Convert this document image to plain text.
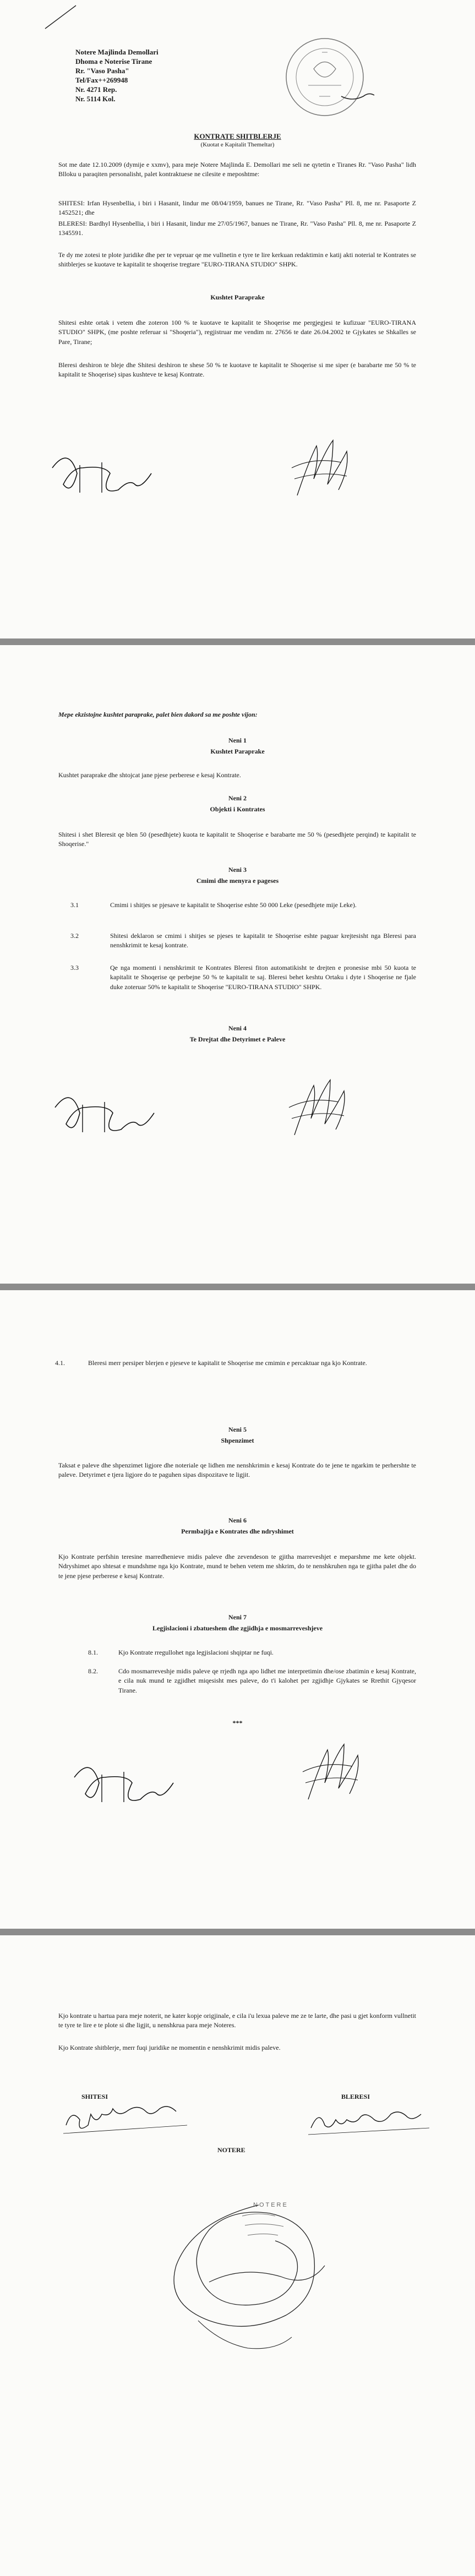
Notere Majlinda Demollari
Dhoma e Noterise Tirane
Rr. "Vaso Pasha"
Tel/Fax++269948
Nr. 4271 Rep.
Nr. 5114 Kol.
KONTRATE SHITBLERJE
(Kuotat e Kapitalit Themeltar)
Sot me date 12.10.2009 (dymije e xxmv), para meje Notere Majlinda E. Demollari me seli ne qytetin e Tiranes Rr. "Vaso Pasha" lidh Blloku u paraqiten personalisht, palet kontraktuese ne cilesite e meposhtme:
SHITESI: Irfan Hysenbellia, i biri i Hasanit, lindur me 08/04/1959, banues ne Tirane, Rr. "Vaso Pasha" Pll. 8, me nr. Pasaporte Z 1452521; dhe
BLERESI: Bardhyl Hysenbellia, i biri i Hasanit, lindur me 27/05/1967, banues ne Tirane, Rr. "Vaso Pasha" Pll. 8, me nr. Pasaporte Z 1345591.
Te dy me zotesi te plote juridike dhe per te vepruar qe me vullnetin e tyre te lire kerkuan redaktimin e katij akti noterial te Kontrates se shitblerjes se kuotave te kapitalit te shoqerise tregtare "EURO-TIRANA STUDIO" SHPK.
Kushtet Paraprake
Shitesi eshte ortak i vetem dhe zoteron 100 % te kuotave te kapitalit te Shoqerise me pergjegjesi te kufizuar "EURO-TIRANA STUDIO" SHPK, (me poshte referuar si "Shoqeria"), regjistruar me vendim nr. 27656 te date 26.04.2002 te Gjykates se Shkalles se Pare, Tirane;
Bleresi deshiron te bleje dhe Shitesi deshiron te shese 50 % te kuotave te kapitalit te Shoqerise si me siper (e barabarte me 50 % te kapitalit te Shoqerise) sipas kushteve te kesaj Kontrate.
Mepe ekzistojne kushtet paraprake, palet bien dakord sa me poshte vijon:
Neni 1
Kushtet Paraprake
Kushtet paraprake dhe shtojcat jane pjese perberese e kesaj Kontrate.
Neni 2
Objekti i Kontrates
Shitesi i shet Bleresit qe blen 50 (pesedhjete) kuota te kapitalit te Shoqerise e barabarte me 50 % (pesedhjete perqind) te kapitalit te Shoqerise."
Neni 3
Cmimi dhe menyra e pageses
3.1	Cmimi i shitjes se pjesave te kapitalit te Shoqerise eshte 50 000 Leke (pesedhjete mije Leke).
3.2	Shitesi deklaron se cmimi i shitjes se pjeses te kapitalit te Shoqerise eshte paguar krejtesisht nga Bleresi para nenshkrimit te kesaj kontrate.
3.3	Qe nga momenti i nenshkrimit te Kontrates Bleresi fiton automatikisht te drejten e pronesise mbi 50 kuota te kapitalit te Shoqerise qe perbejne 50 % te kapitalit te saj. Bleresi behet keshtu Ortaku i dyte i Shoqerise ne fjale duke zoteruar 50% te kapitalit te Shoqerise "EURO-TIRANA STUDIO" SHPK.
Neni 4
Te Drejtat dhe Detyrimet e Paleve
4.1.	Bleresi merr persiper blerjen e pjeseve te kapitalit te Shoqerise me cmimin e percaktuar nga kjo Kontrate.
Neni 5
Shpenzimet
Taksat e paleve dhe shpenzimet ligjore dhe noteriale qe lidhen me nenshkrimin e kesaj Kontrate do te jene te ngarkim te perhershte te paleve. Detyrimet e tjera ligjore do te paguhen sipas dispozitave te ligjit.
Neni 6
Permbajtja e Kontrates dhe ndryshimet
Kjo Kontrate perfshin teresine marredhenieve midis paleve dhe zevendeson te gjitha marreveshjet e meparshme me kete objekt. Ndryshimet apo shtesat e mundshme nga kjo Kontrate, mund te behen vetem me shkrim, do te nenshkruhen nga te gjitha palet dhe do te jene pjese perberese e kesaj Kontrate.
Neni 7
Legjislacioni i zbatueshem dhe zgjidhja e mosmarreveshjeve
8.1.	Kjo Kontrate rregullohet nga legjislacioni shqiptar ne fuqi.
8.2.	Cdo mosmarreveshje midis paleve qe rrjedh nga apo lidhet me interpretimin dhe/ose zbatimin e kesaj Kontrate, e cila nuk mund te zgjidhet miqesisht mes paleve, do t'i kalohet per zgjidhje Gjykates se Rrethit Gjyqesor Tirane.
***
Kjo kontrate u hartua para meje noterit, ne kater kopje origjinale, e cila i'u lexua paleve me ze te larte, dhe pasi u gjet konform vullnetit te tyre te lire e te plote si dhe ligjit, u nenshkrua para meje Noteres.
Kjo Kontrate shitblerje, merr fuqi juridike ne momentin e nenshkrimit midis paleve.
SHITESI	BLERESI
NOTERE
NOTERE
